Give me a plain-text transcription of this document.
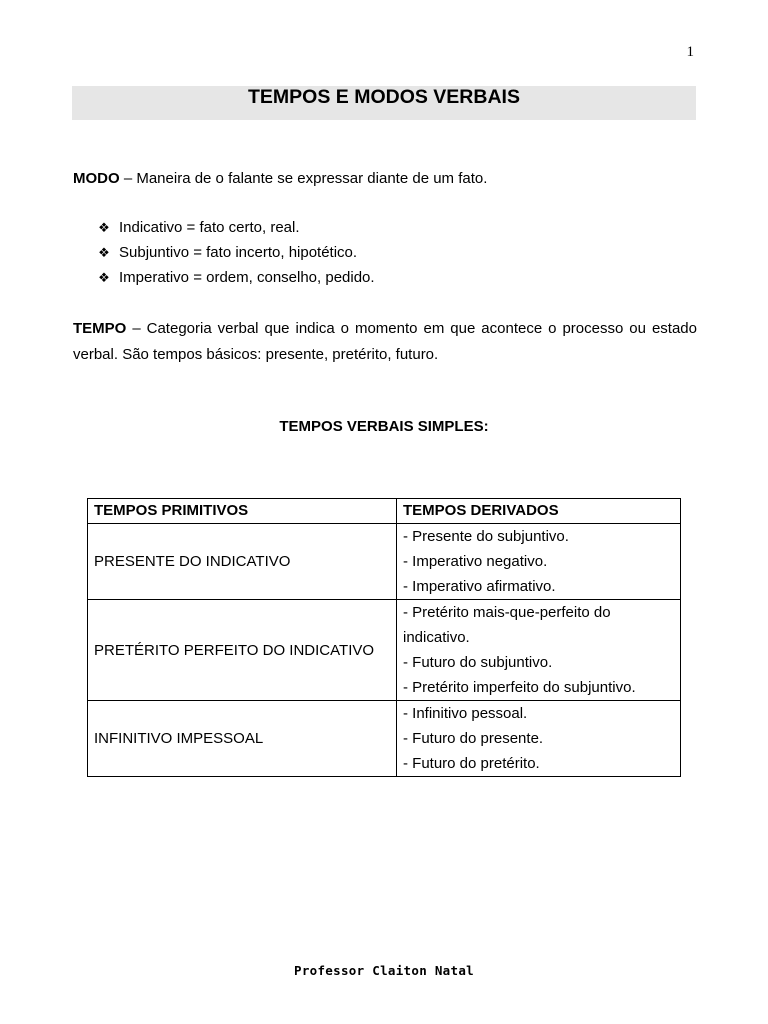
1
TEMPOS E MODOS VERBAIS
MODO – Maneira de o falante se expressar diante de um fato.
❖ Indicativo = fato certo, real.
❖ Subjuntivo = fato incerto, hipotético.
❖ Imperativo = ordem, conselho, pedido.
TEMPO – Categoria verbal que indica o momento em que acontece o processo ou estado verbal. São tempos básicos: presente, pretérito, futuro.
TEMPOS VERBAIS SIMPLES:
TEMPOS PRIMITIVOS	TEMPOS DERIVADOS
PRESENTE DO INDICATIVO	- Presente do subjuntivo.
- Imperativo negativo.
- Imperativo afirmativo.

PRETÉRITO PERFEITO DO INDICATIVO	- Pretérito mais-que-perfeito do
indicativo.
- Futuro do subjuntivo.
- Pretérito imperfeito do subjuntivo.

INFINITIVO IMPESSOAL	- Infinitivo pessoal.
- Futuro do presente.
- Futuro do pretérito.
Professor Claiton Natal
